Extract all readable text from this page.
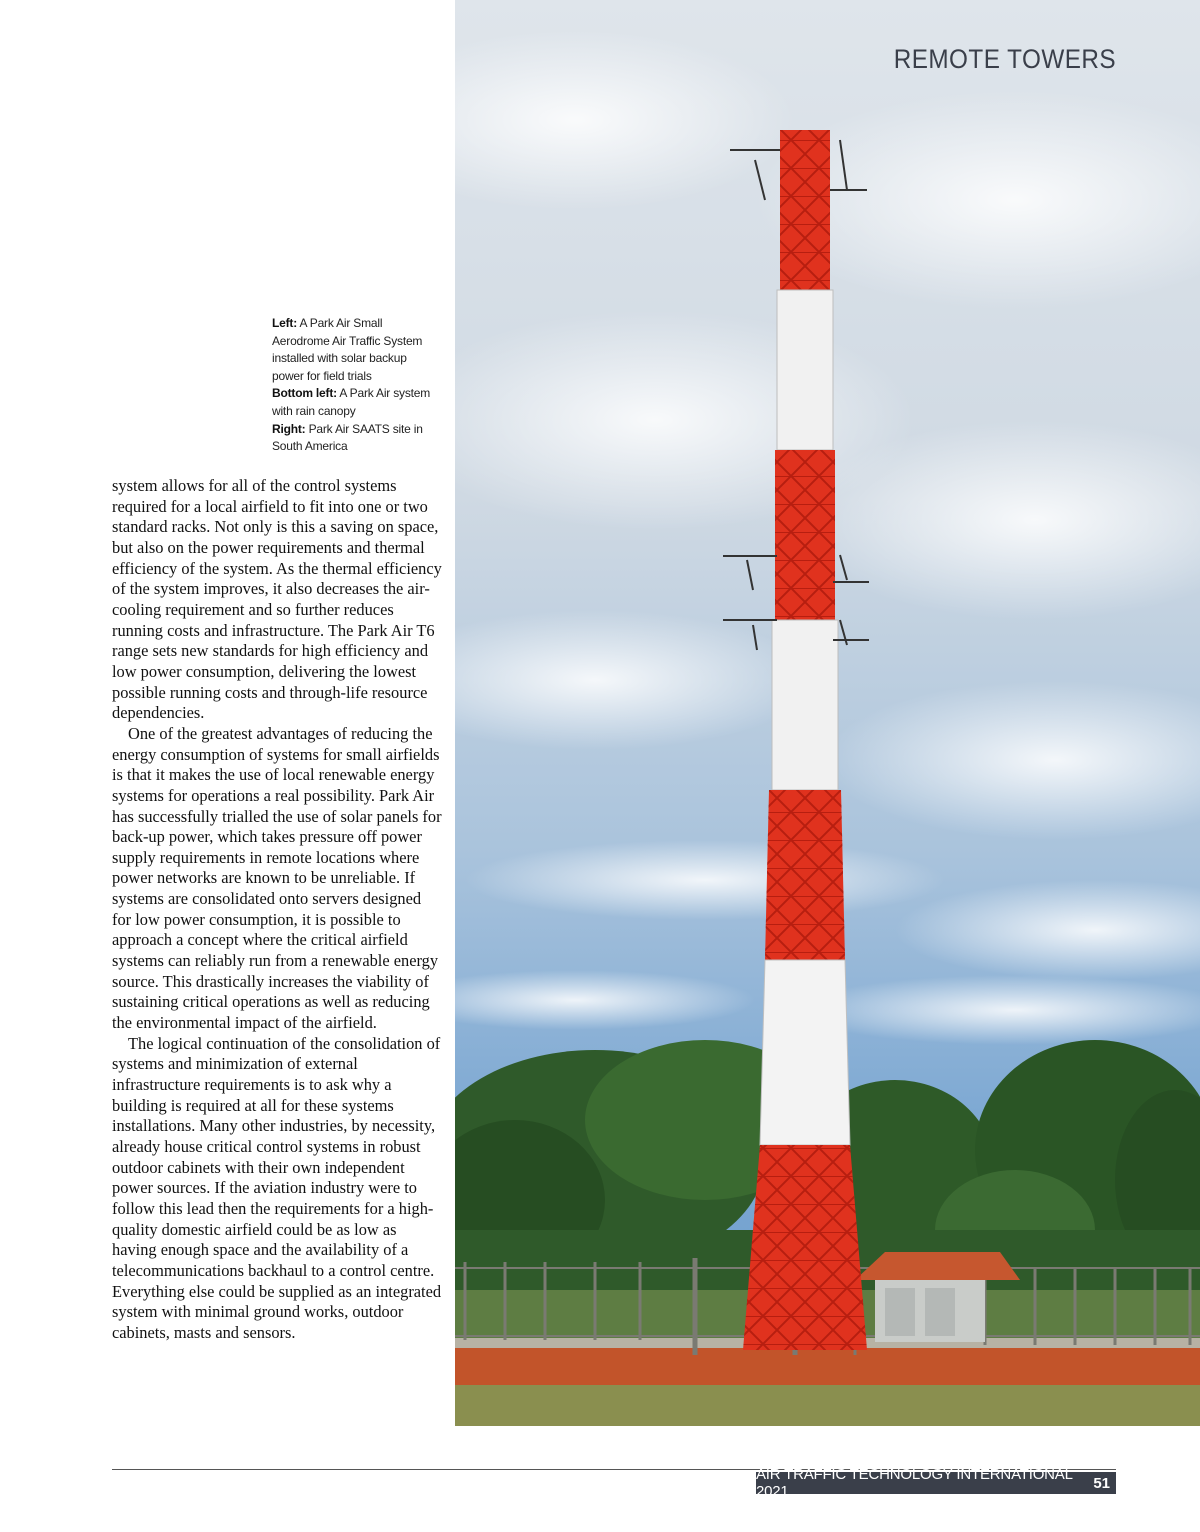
REMOTE TOWERS
Left: A Park Air Small
Aerodrome Air Traffic System
installed with solar backup
power for field trials
Bottom left: A Park Air system
with rain canopy
Right: Park Air SAATS site in
South America

system allows for all of the control systems required for a local airfield to fit into one or two standard racks. Not only is this a saving on space, but also on the power requirements and thermal efficiency of the system. As the thermal efficiency of the system improves, it also decreases the air-cooling requirement and so further reduces running costs and infrastructure. The Park Air T6 range sets new standards for high efficiency and low power consumption, delivering the lowest possible running costs and through-life resource dependencies.

One of the greatest advantages of reducing the energy consumption of systems for small airfields is that it makes the use of local renewable energy systems for operations a real possibility. Park Air has successfully trialled the use of solar panels for back-up power, which takes pressure off power supply requirements in remote locations where power networks are known to be unreliable. If systems are consolidated onto servers designed for low power consumption, it is possible to approach a concept where the critical airfield systems can reliably run from a renewable energy source. This drastically increases the viability of sustaining critical operations as well as reducing the environmental impact of the airfield.

The logical continuation of the consolidation of systems and minimization of external infrastructure requirements is to ask why a building is required at all for these systems installations. Many other industries, by necessity, already house critical control systems in robust outdoor cabinets with their own independent power sources. If the aviation industry were to follow this lead then the requirements for a high-quality domestic airfield could be as low as having enough space and the availability of a telecommunications backhaul to a control centre. Everything else could be supplied as an integrated system with minimal ground works, outdoor cabinets, masts and sensors.

AIR TRAFFIC TECHNOLOGY INTERNATIONAL 2021	51
